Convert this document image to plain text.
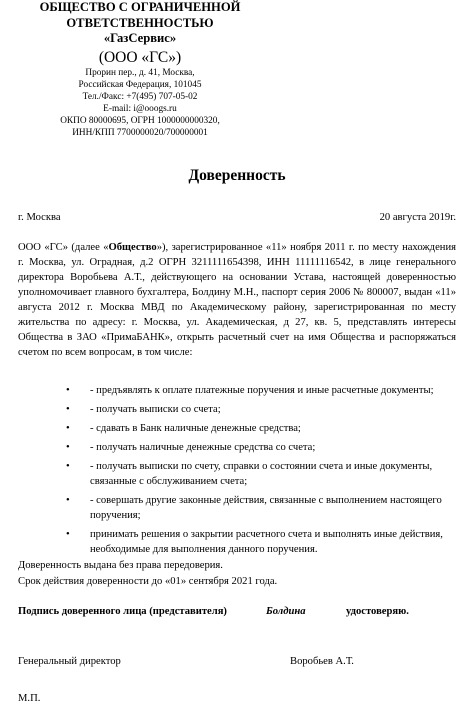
ОБЩЕСТВО С ОГРАНИЧЕННОЙ
ОТВЕТСТВЕННОСТЬЮ
«ГазСервис»
(ООО «ГС»)
Прорин пер., д. 41, Москва,
Российская Федерация, 101045
Тел./Факс: +7(495) 707-05-02
E-mail: i@ooogs.ru
ОКПО 80000695, ОГРН 1000000000320,
ИНН/КПП 7700000020/700000001
Доверенность
г. Москва	20 августа 2019г.
ООО «ГС» (далее «Общество»), зарегистрированное «11» ноября 2011 г. по месту нахождения г. Москва, ул. Оградная, д.2 ОГРН 3211111654398, ИНН 11111116542, в лице генерального директора Воробьева А.Т., действующего на основании Устава, настоящей доверенностью уполномочивает главного бухгалтера, Болдину М.Н., паспорт серия 2006 № 800007, выдан «11» августа 2012 г. Москва МВД по Академическому району, зарегистрированная по месту жительства по адресу: г. Москва, ул. Академическая, д 27, кв. 5, представлять интересы Общества в ЗАО «ПримаБАНК», открыть расчетный счет на имя Общества и распоряжаться счетом по всем вопросам, в том числе:
• - предъявлять к оплате платежные поручения и иные расчетные документы;
• - получать выписки со счета;
• - сдавать в Банк наличные денежные средства;
• - получать наличные денежные средства со счета;
• - получать выписки по счету, справки о состоянии счета и иные документы, связанные с обслуживанием счета;
• - совершать другие законные действия, связанные с выполнением настоящего поручения;
• принимать решения о закрытии расчетного счета и выполнять иные действия, необходимые для выполнения данного поручения.
Доверенность выдана без права передоверия.
Срок действия доверенности до «01» сентября 2021 года.
Подпись доверенного лица (представителя)	Болдина	удостоверяю.
Генеральный директор	Воробьев А.Т.
М.П.
